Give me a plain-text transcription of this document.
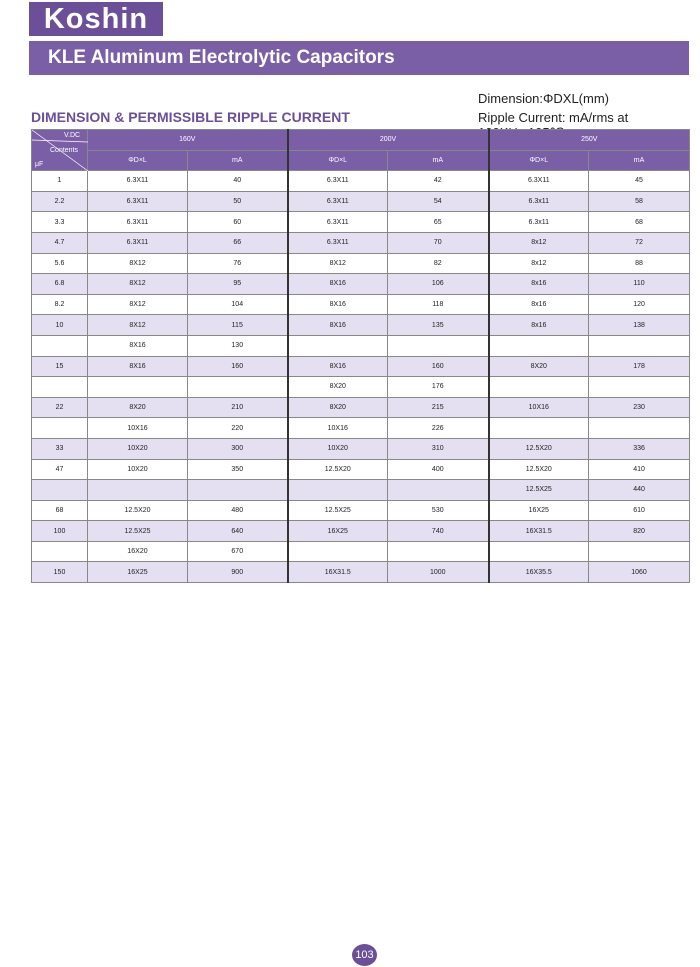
Koshin
KLE Aluminum Electrolytic Capacitors
Dimension:ΦDXL(mm)
DIMENSION & PERMISSIBLE RIPPLE CURRENT	Ripple Current: mA/rms at
V.DC
Contents
μF	160V		200V		250V	
	ΦD×L	mA	ΦD×L	mA	ΦD×L	mA
1	6.3X11	40	6.3X11	42	6.3X11	45
2.2	6.3X11	50	6.3X11	54	6.3x11	58
3.3	6.3X11	60	6.3X11	65	6.3x11	68
4.7	6.3X11	66	6.3X11	70	8x12	72
5.6	8X12	76	8X12	82	8x12	88
6.8	8X12	95	8X16	106	8x16	110
8.2	8X12	104	8X16	118	8x16	120
10	8X12	115	8X16	135	8x16	138
	8X16	130				
15	8X16	160	8X16	160	8X20	178
			8X20	176		
22	8X20	210	8X20	215	10X16	230
	10X16	220	10X16	226		
33	10X20	300	10X20	310	12.5X20	336
47	10X20	350	12.5X20	400	12.5X20	410
					12.5X25	440
68	12.5X20	480	12.5X25	530	16X25	610
100	12.5X25	640	16X25	740	16X31.5	820
	16X20	670				
150	16X25	900	16X31.5	1000	16X35.5	1060
103
